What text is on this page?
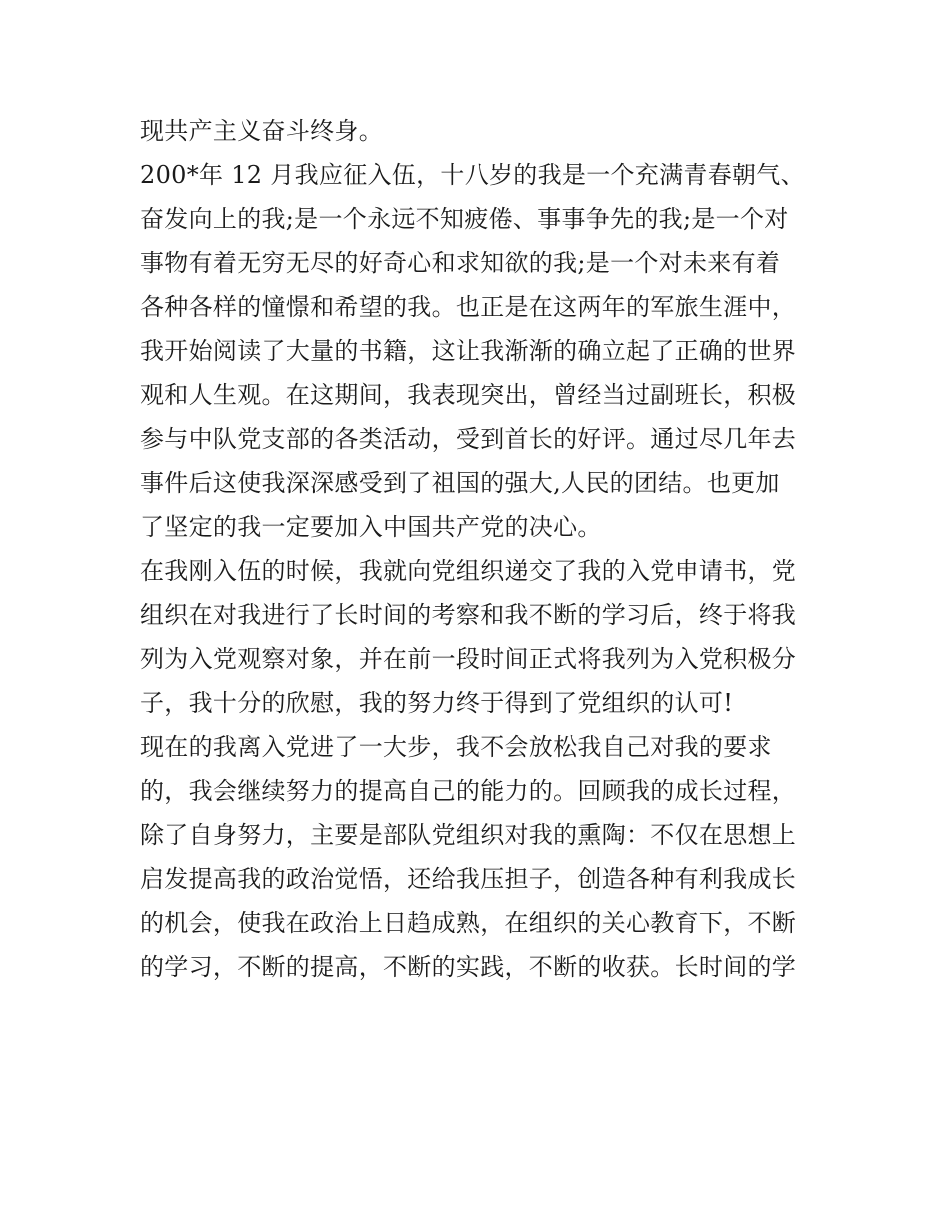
现共产主义奋斗终身。
200*年 12 月我应征入伍，十八岁的我是一个充满青春朝气、
奋发向上的我;是一个永远不知疲倦、事事争先的我;是一个对
事物有着无穷无尽的好奇心和求知欲的我;是一个对未来有着
各种各样的憧憬和希望的我。也正是在这两年的军旅生涯中，
我开始阅读了大量的书籍，这让我渐渐的确立起了正确的世界
观和人生观。在这期间，我表现突出，曾经当过副班长，积极
参与中队党支部的各类活动，受到首长的好评。通过尽几年去
事件后这使我深深感受到了祖国的强大,人民的团结。也更加
了坚定的我一定要加入中国共产党的决心。
在我刚入伍的时候，我就向党组织递交了我的入党申请书，党
组织在对我进行了长时间的考察和我不断的学习后，终于将我
列为入党观察对象，并在前一段时间正式将我列为入党积极分
子，我十分的欣慰，我的努力终于得到了党组织的认可!
现在的我离入党进了一大步，我不会放松我自己对我的要求
的，我会继续努力的提高自己的能力的。回顾我的成长过程，
除了自身努力，主要是部队党组织对我的熏陶：不仅在思想上
启发提高我的政治觉悟，还给我压担子，创造各种有利我成长
的机会，使我在政治上日趋成熟，在组织的关心教育下，不断
的学习，不断的提高，不断的实践，不断的收获。长时间的学
